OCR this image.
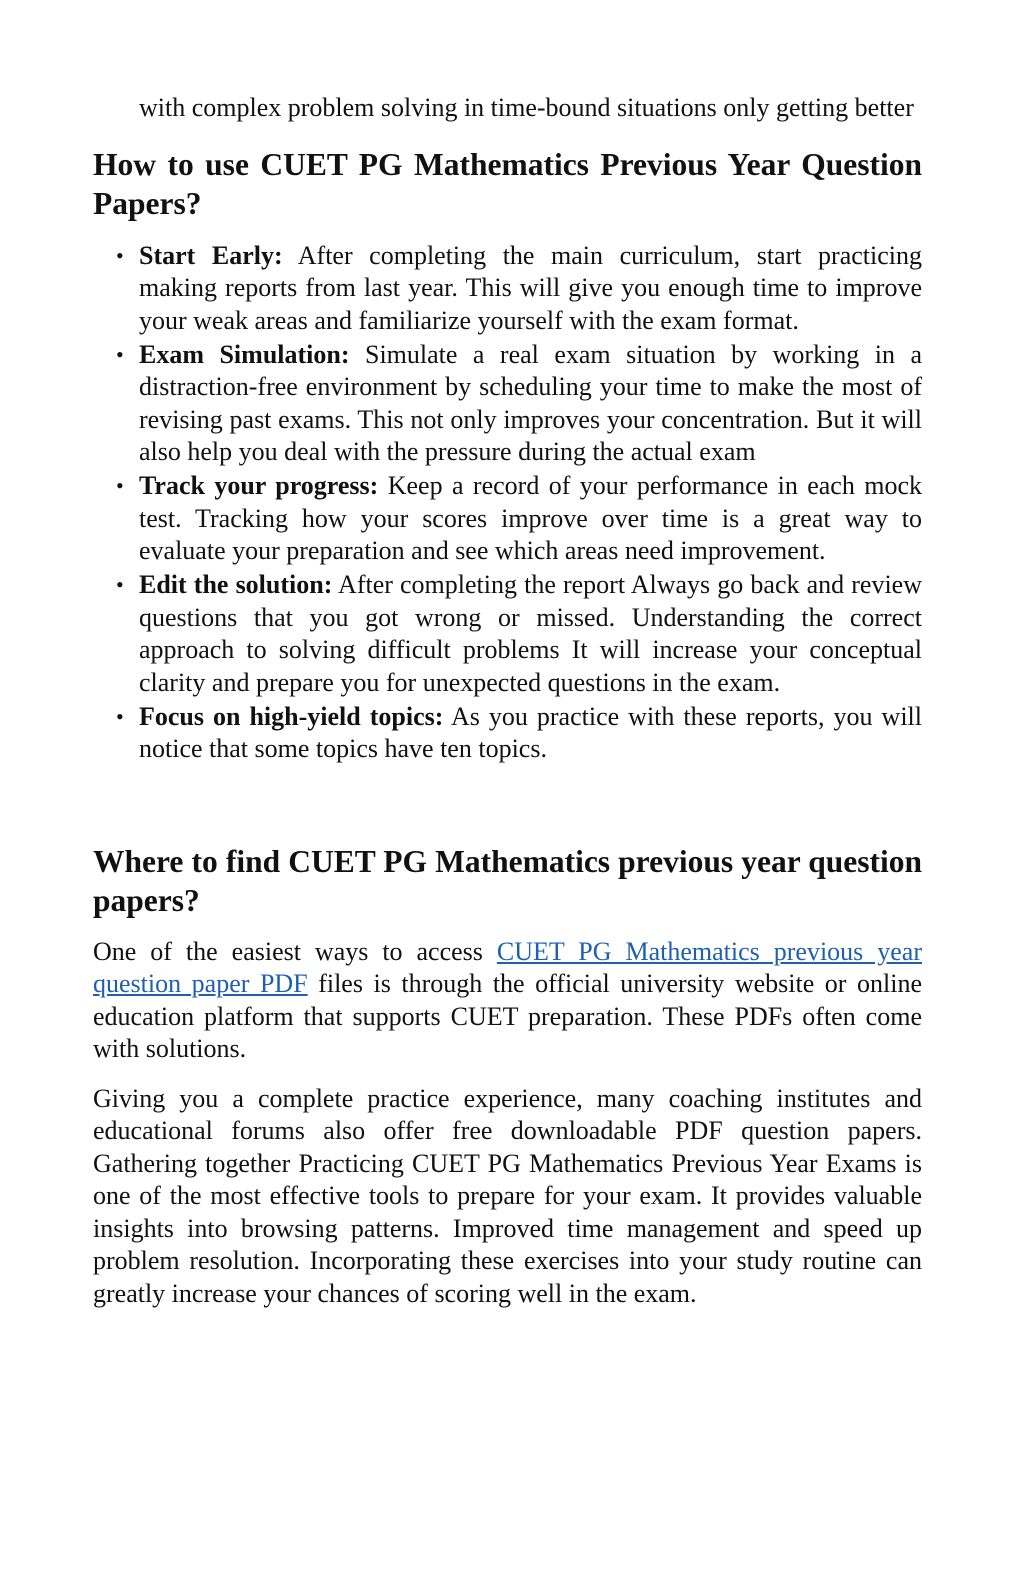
with complex problem solving in time-bound situations only getting better

How to use CUET PG Mathematics Previous Year Question Papers?
• Start Early: After completing the main curriculum, start practicing making reports from last year. This will give you enough time to improve your weak areas and familiarize yourself with the exam format.
• Exam Simulation: Simulate a real exam situation by working in a distraction-free environment by scheduling your time to make the most of revising past exams. This not only improves your concentration. But it will also help you deal with the pressure during the actual exam
• Track your progress: Keep a record of your performance in each mock test. Tracking how your scores improve over time is a great way to evaluate your preparation and see which areas need improvement.
• Edit the solution: After completing the report Always go back and review questions that you got wrong or missed. Understanding the correct approach to solving difficult problems It will increase your conceptual clarity and prepare you for unexpected questions in the exam.
• Focus on high-yield topics: As you practice with these reports, you will notice that some topics have ten topics.
Where to find CUET PG Mathematics previous year question papers?

One of the easiest ways to access CUET PG Mathematics previous year question paper PDF files is through the official university website or online education platform that supports CUET preparation. These PDFs often come with solutions.

Giving you a complete practice experience, many coaching institutes and educational forums also offer free downloadable PDF question papers. Gathering together Practicing CUET PG Mathematics Previous Year Exams is one of the most effective tools to prepare for your exam. It provides valuable insights into browsing patterns. Improved time management and speed up problem resolution. Incorporating these exercises into your study routine can greatly increase your chances of scoring well in the exam.
